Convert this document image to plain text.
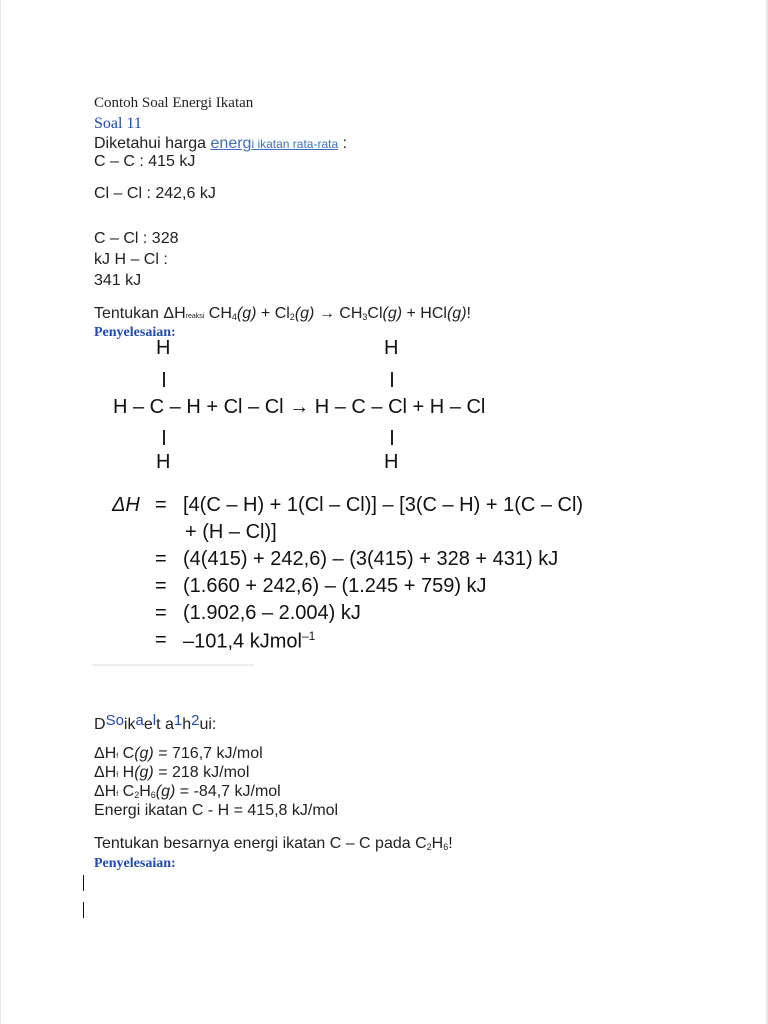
Contoh Soal Energi Ikatan
Soal 11
Diketahui harga energi ikatan rata-rata :
C – C : 415 kJ
Cl – Cl : 242,6 kJ
C – Cl : 328
kJ H – Cl :
341 kJ
Tentukan ΔHreaksi $CH_4(g) + Cl_2(g) \to CH_3Cl(g) + HCl(g)$!
Penyelesaian:
H	H
H – C – H + Cl – Cl → H – C – Cl + H – Cl
H	H
ΔH = [4(C – H) + 1(Cl – Cl)] – [3(C – H) + 1(C – Cl)
+ (H – Cl)]
= (4(415) + 242,6) – (3(415) + 328 + 431) kJ
= (1.660 + 242,6) – (1.245 + 759) kJ
= (1.902,6 – 2.004) kJ
= –101,4 kJmol$^{-1}$
DSoikaelt a1h2ui:
ΔHf C(g) = 716,7 kJ/mol
ΔHf H(g) = 218 kJ/mol
ΔHf $C_2H_6(g) = -84,7$ kJ/mol
Energi ikatan C - H = 415,8 kJ/mol
Tentukan besarnya energi ikatan C – C pada $C_2H_6$!
Penyelesaian:
